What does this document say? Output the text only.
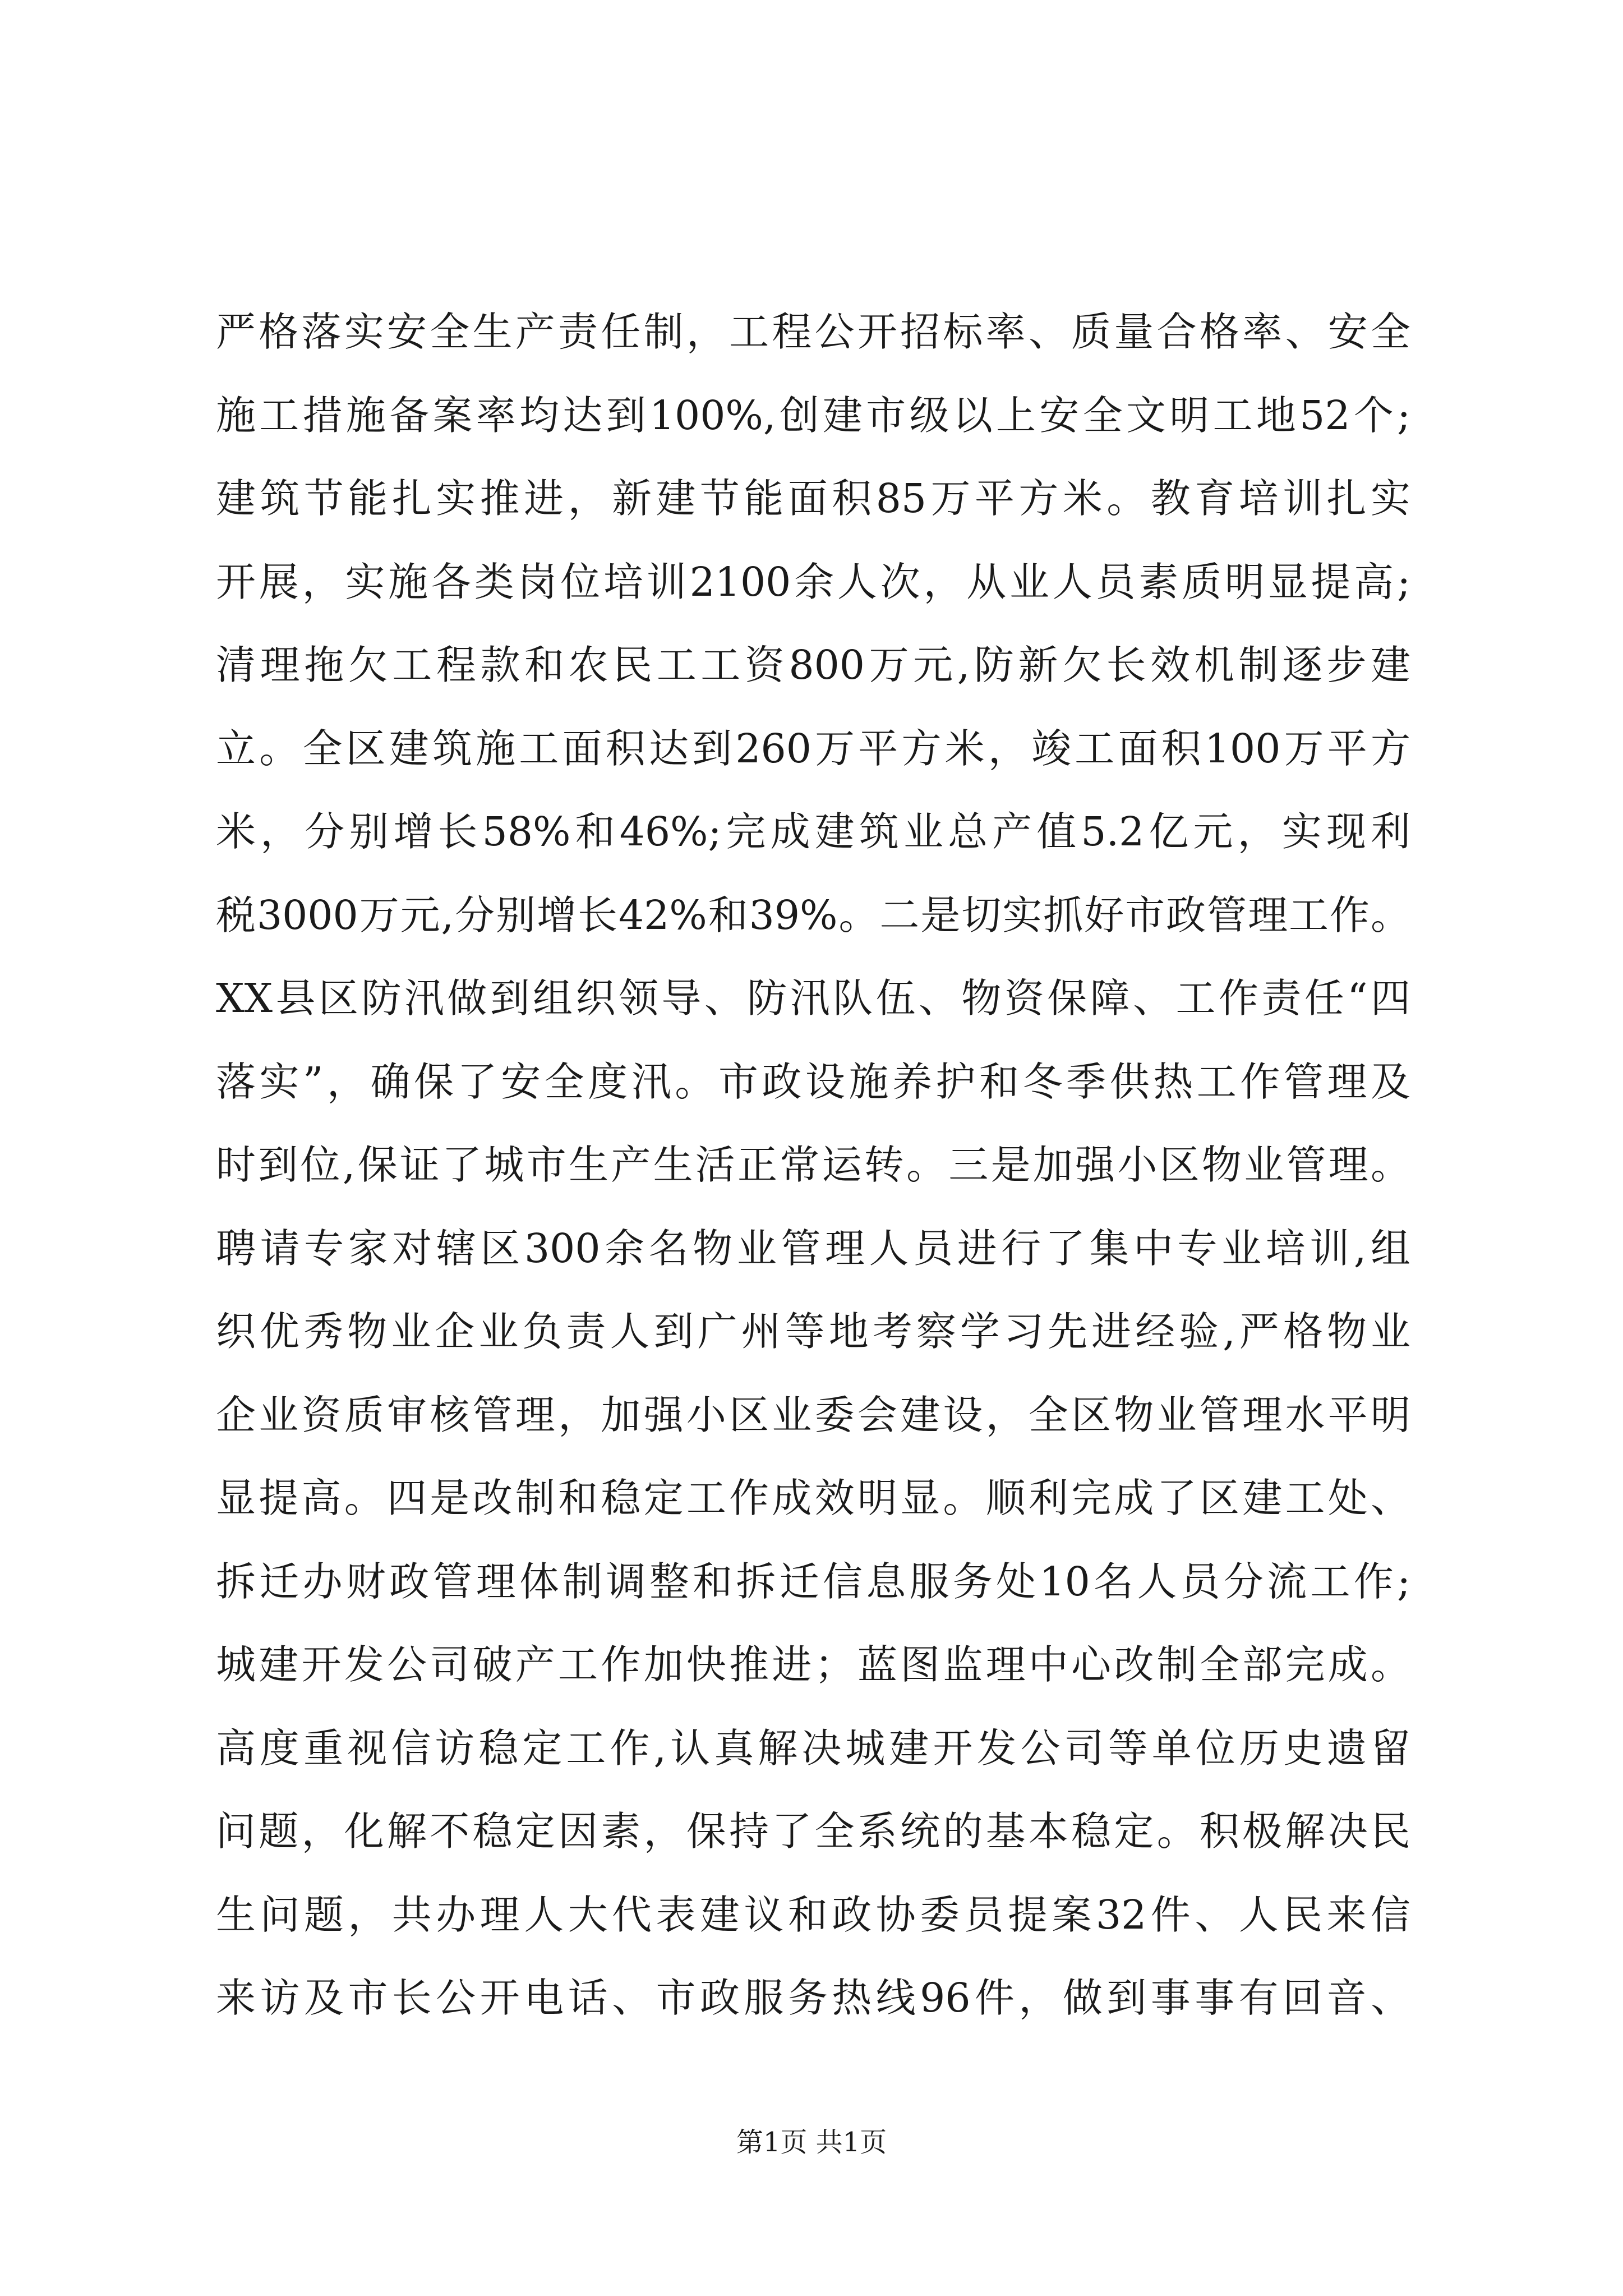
严格落实安全生产责任制，工程公开招标率、质量合格率、安全
施工措施备案率均达到100%,创建市级以上安全文明工地52个;
建筑节能扎实推进，新建节能面积85万平方米。教育培训扎实
开展，实施各类岗位培训2100余人次，从业人员素质明显提高;
清理拖欠工程款和农民工工资800万元,防新欠长效机制逐步建
立。全区建筑施工面积达到260万平方米，竣工面积100万平方
米，分别增长58%和46%;完成建筑业总产值5.2亿元，实现利
税3000万元,分别增长42%和39%。二是切实抓好市政管理工作。
XX县区防汛做到组织领导、防汛队伍、物资保障、工作责任“四
落实”，确保了安全度汛。市政设施养护和冬季供热工作管理及
时到位,保证了城市生产生活正常运转。三是加强小区物业管理。
聘请专家对辖区300余名物业管理人员进行了集中专业培训,组
织优秀物业企业负责人到广州等地考察学习先进经验,严格物业
企业资质审核管理，加强小区业委会建设，全区物业管理水平明
显提高。四是改制和稳定工作成效明显。顺利完成了区建工处、
拆迁办财政管理体制调整和拆迁信息服务处10名人员分流工作;
城建开发公司破产工作加快推进；蓝图监理中心改制全部完成。
高度重视信访稳定工作,认真解决城建开发公司等单位历史遗留
问题，化解不稳定因素，保持了全系统的基本稳定。积极解决民
生问题，共办理人大代表建议和政协委员提案32件、人民来信
来访及市长公开电话、市政服务热线96件，做到事事有回音、
第1页 共1页
